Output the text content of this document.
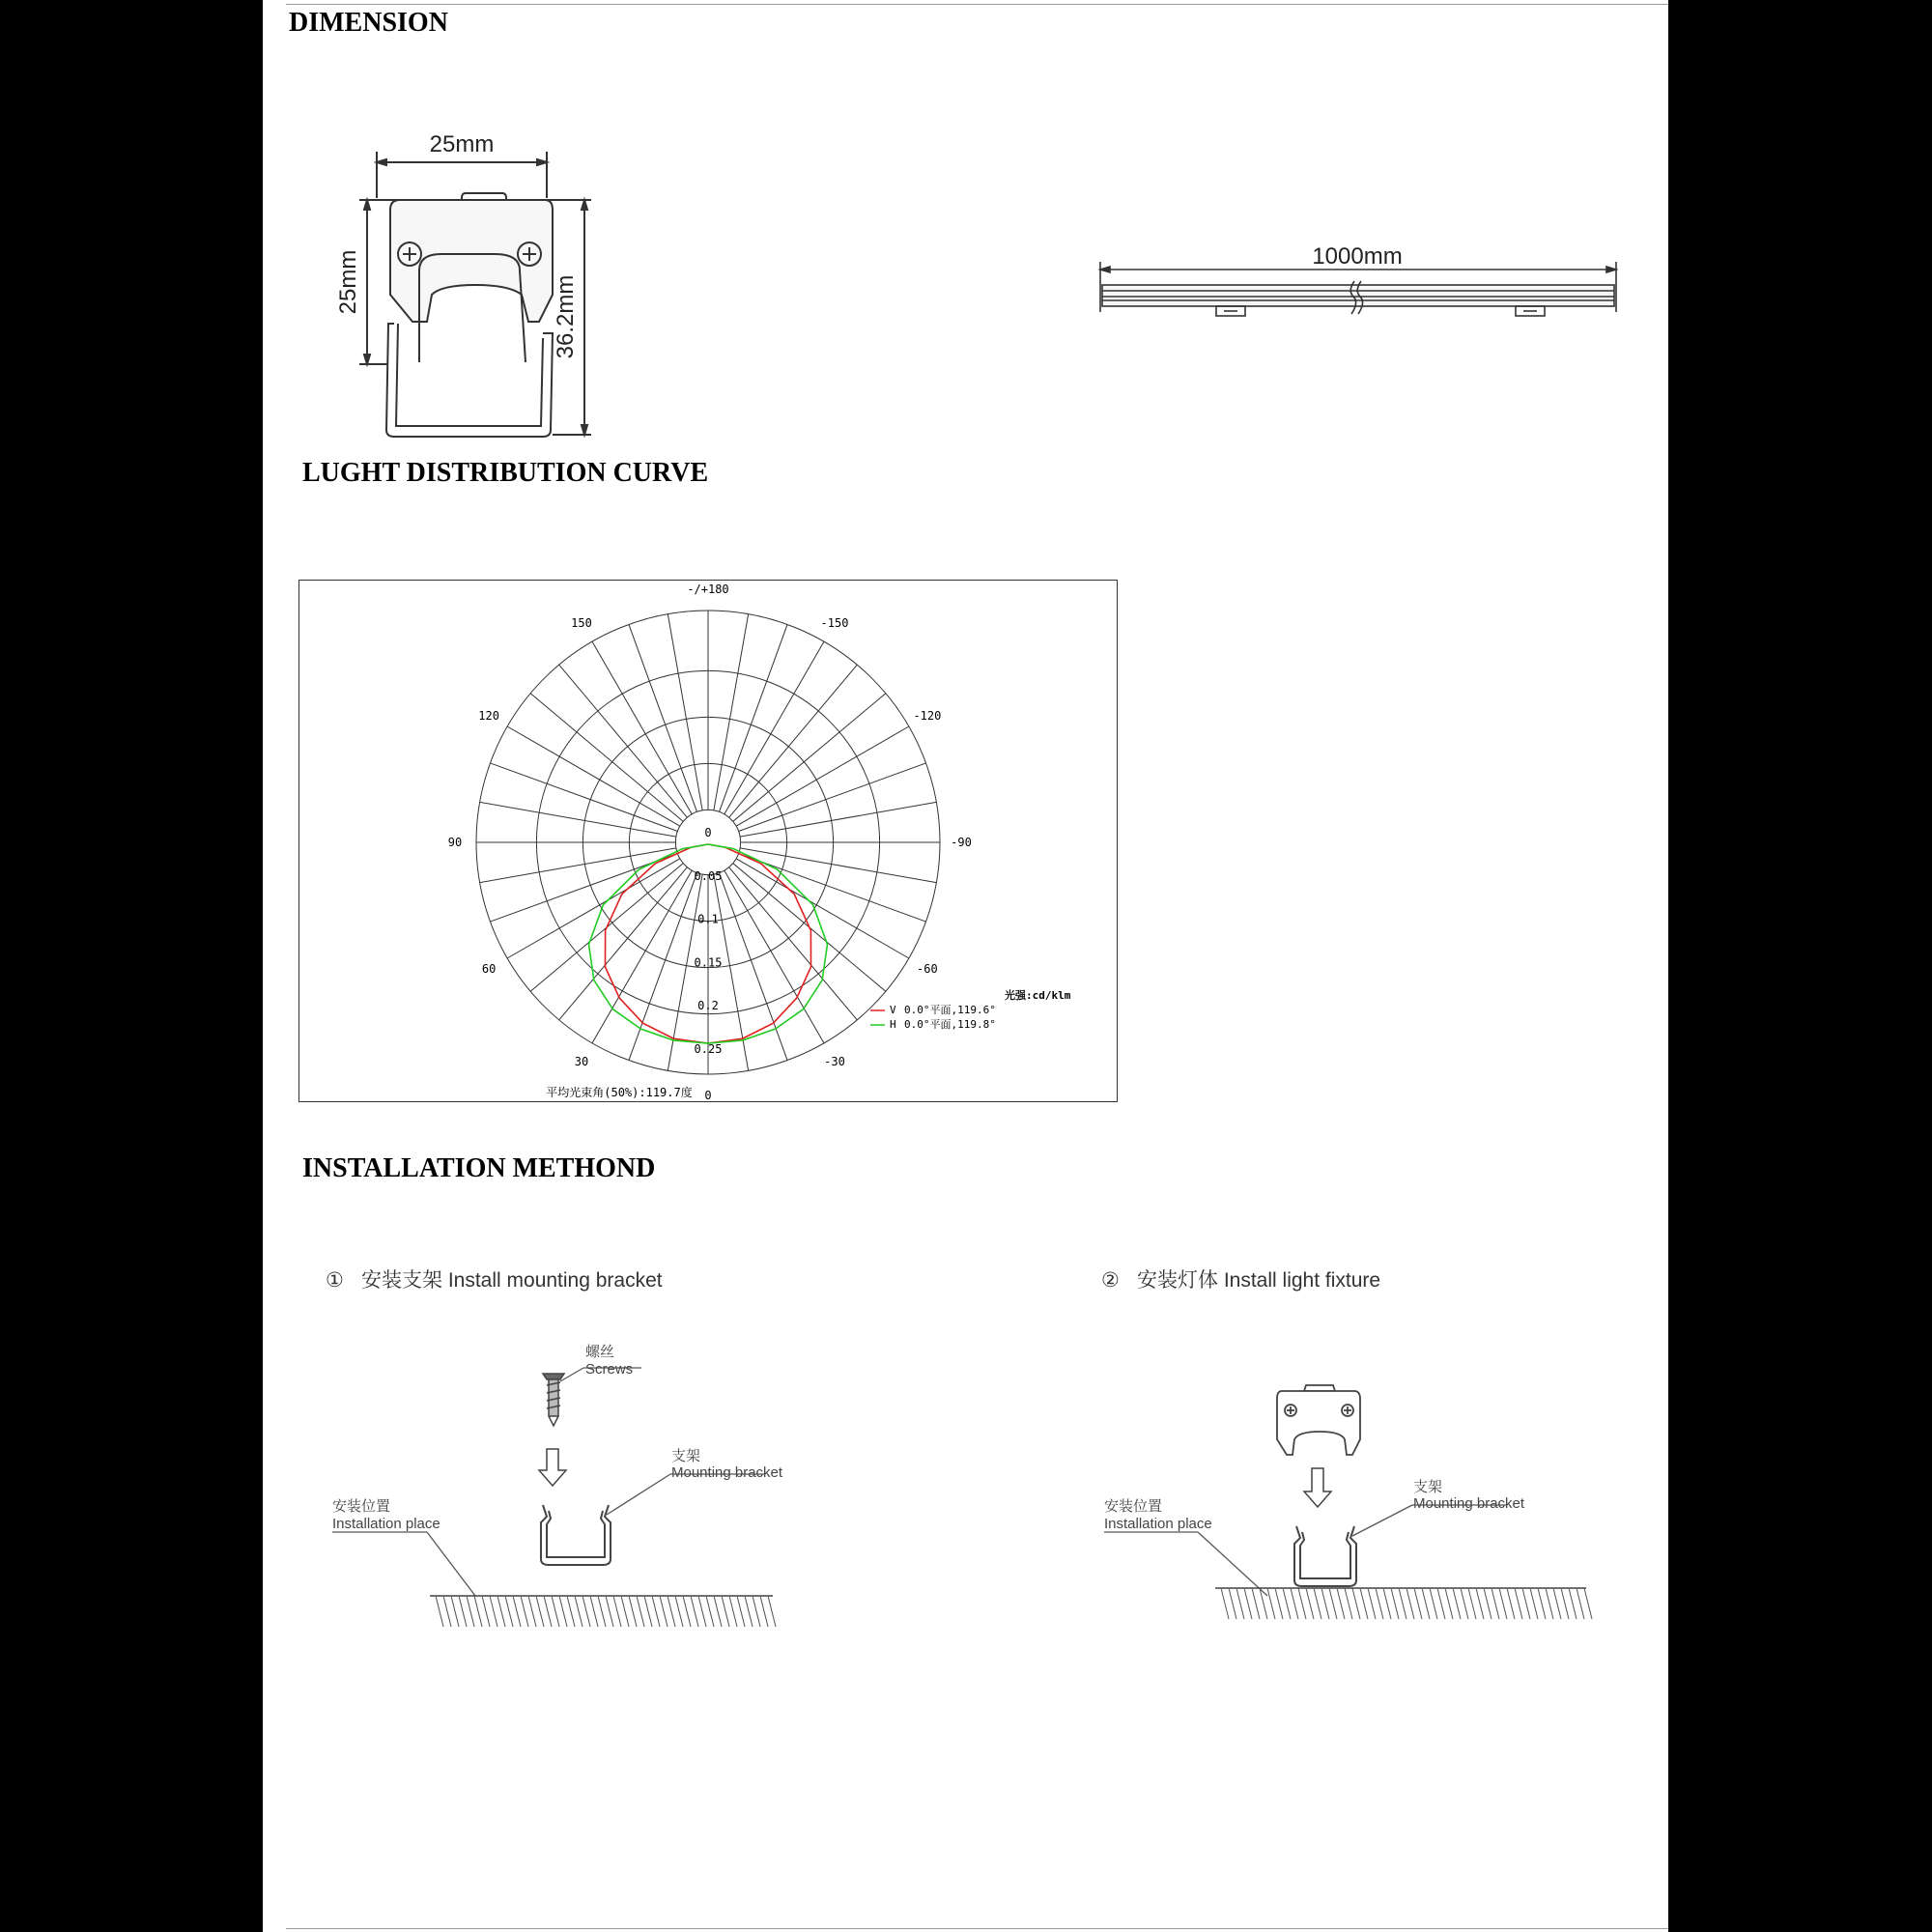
DIMENSION
25mm
25mm	36.2mm
1000mm
LUGHT DISTRIBUTION CURVE
-/+180
-150
150
-120
120
-90
90
-60
60
-30
30
0
0
0.05
0.1
0.15
0.2
0.25
光强:cd/klm
V 0.0°平面,119.6°
H 0.0°平面,119.8°
平均光束角(50%):119.7度
INSTALLATION METHOND
① 安装支架 Install mounting bracket
螺丝
Screws
支架
Mounting bracket
安装位置
Installation place
② 安装灯体 Install light fixture
支架
Mounting bracket
安装位置
Installation place
